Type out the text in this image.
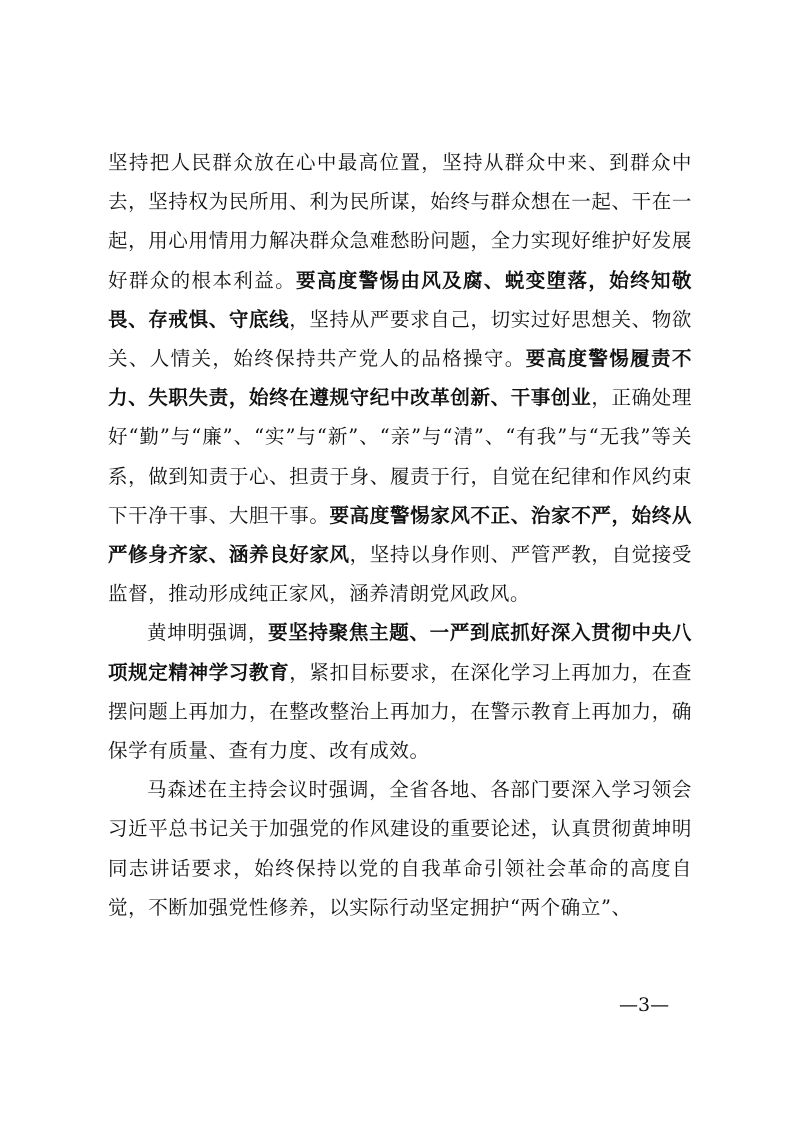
坚持把人民群众放在心中最高位置，坚持从群众中来、到群众中去，坚持权为民所用、利为民所谋，始终与群众想在一起、干在一起，用心用情用力解决群众急难愁盼问题，全力实现好维护好发展好群众的根本利益。要高度警惕由风及腐、蜕变堕落，始终知敬畏、存戒惧、守底线，坚持从严要求自己，切实过好思想关、物欲关、人情关，始终保持共产党人的品格操守。要高度警惕履责不力、失职失责，始终在遵规守纪中改革创新、干事创业，正确处理好“勤”与“廉”、“实”与“新”、“亲”与“清”、“有我”与“无我”等关系，做到知责于心、担责于身、履责于行，自觉在纪律和作风约束下干净干事、大胆干事。要高度警惕家风不正、治家不严，始终从严修身齐家、涵养良好家风，坚持以身作则、严管严教，自觉接受监督，推动形成纯正家风，涵养清朗党风政风。

黄坤明强调，要坚持聚焦主题、一严到底抓好深入贯彻中央八项规定精神学习教育，紧扣目标要求，在深化学习上再加力，在查摆问题上再加力，在整改整治上再加力，在警示教育上再加力，确保学有质量、查有力度、改有成效。

马森述在主持会议时强调，全省各地、各部门要深入学习领会习近平总书记关于加强党的作风建设的重要论述，认真贯彻黄坤明同志讲话要求，始终保持以党的自我革命引领社会革命的高度自觉，不断加强党性修养，以实际行动坚定拥护“两个确立”、

—3—
